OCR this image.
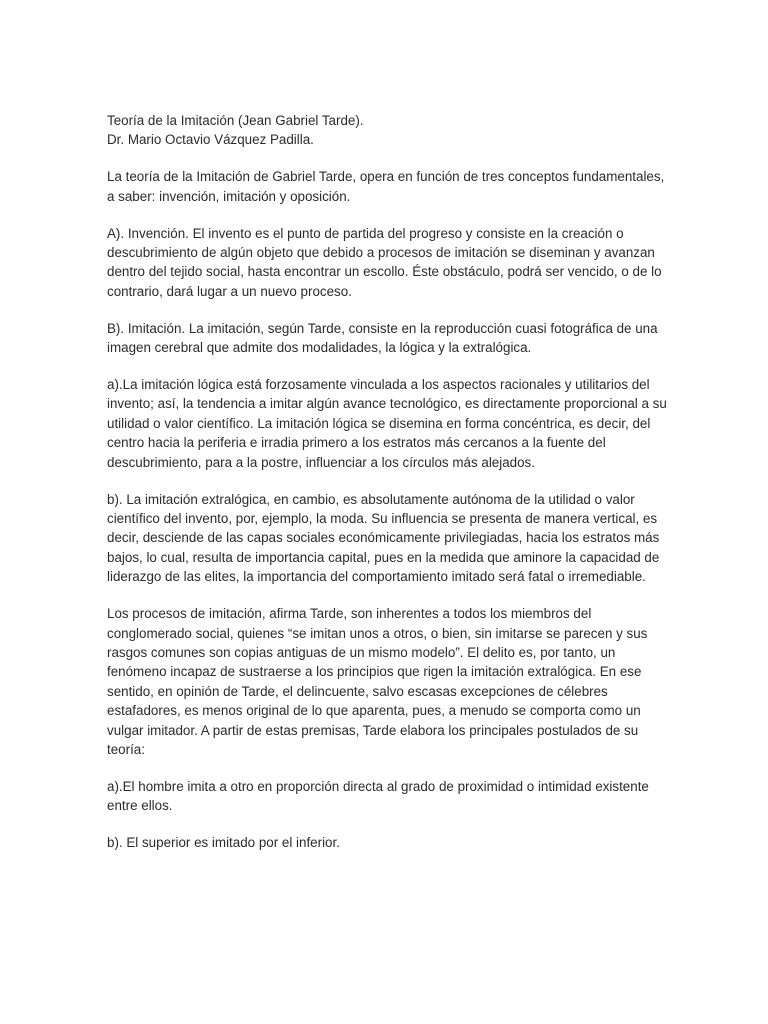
Teoría de la Imitación (Jean Gabriel Tarde).
Dr. Mario Octavio Vázquez Padilla.

La teoría de la Imitación de Gabriel Tarde, opera en función de tres conceptos fundamentales,
a saber: invención, imitación y oposición.

A). Invención. El invento es el punto de partida del progreso y consiste en la creación o
descubrimiento de algún objeto que debido a procesos de imitación se diseminan y avanzan
dentro del tejido social, hasta encontrar un escollo. Éste obstáculo, podrá ser vencido, o de lo
contrario, dará lugar a un nuevo proceso.

B). Imitación. La imitación, según Tarde, consiste en la reproducción cuasi fotográfica de una
imagen cerebral que admite dos modalidades, la lógica y la extralógica.

a).La imitación lógica está forzosamente vinculada a los aspectos racionales y utilitarios del
invento; así, la tendencia a imitar algún avance tecnológico, es directamente proporcional a su
utilidad o valor científico. La imitación lógica se disemina en forma concéntrica, es decir, del
centro hacia la periferia e irradia primero a los estratos más cercanos a la fuente del
descubrimiento, para a la postre, influenciar a los círculos más alejados.

b). La imitación extralógica, en cambio, es absolutamente autónoma de la utilidad o valor
científico del invento, por, ejemplo, la moda. Su influencia se presenta de manera vertical, es
decir, desciende de las capas sociales económicamente privilegiadas, hacia los estratos más
bajos, lo cual, resulta de importancia capital, pues en la medida que aminore la capacidad de
liderazgo de las elites, la importancia del comportamiento imitado será fatal o irremediable.

Los procesos de imitación, afirma Tarde, son inherentes a todos los miembros del
conglomerado social, quienes “se imitan unos a otros, o bien, sin imitarse se parecen y sus
rasgos comunes son copias antiguas de un mismo modelo”. El delito es, por tanto, un
fenómeno incapaz de sustraerse a los principios que rigen la imitación extralógica. En ese
sentido, en opinión de Tarde, el delincuente, salvo escasas excepciones de célebres
estafadores, es menos original de lo que aparenta, pues, a menudo se comporta como un
vulgar imitador. A partir de estas premisas, Tarde elabora los principales postulados de su
teoría:

a).El hombre imita a otro en proporción directa al grado de proximidad o intimidad existente
entre ellos.

b). El superior es imitado por el inferior.
